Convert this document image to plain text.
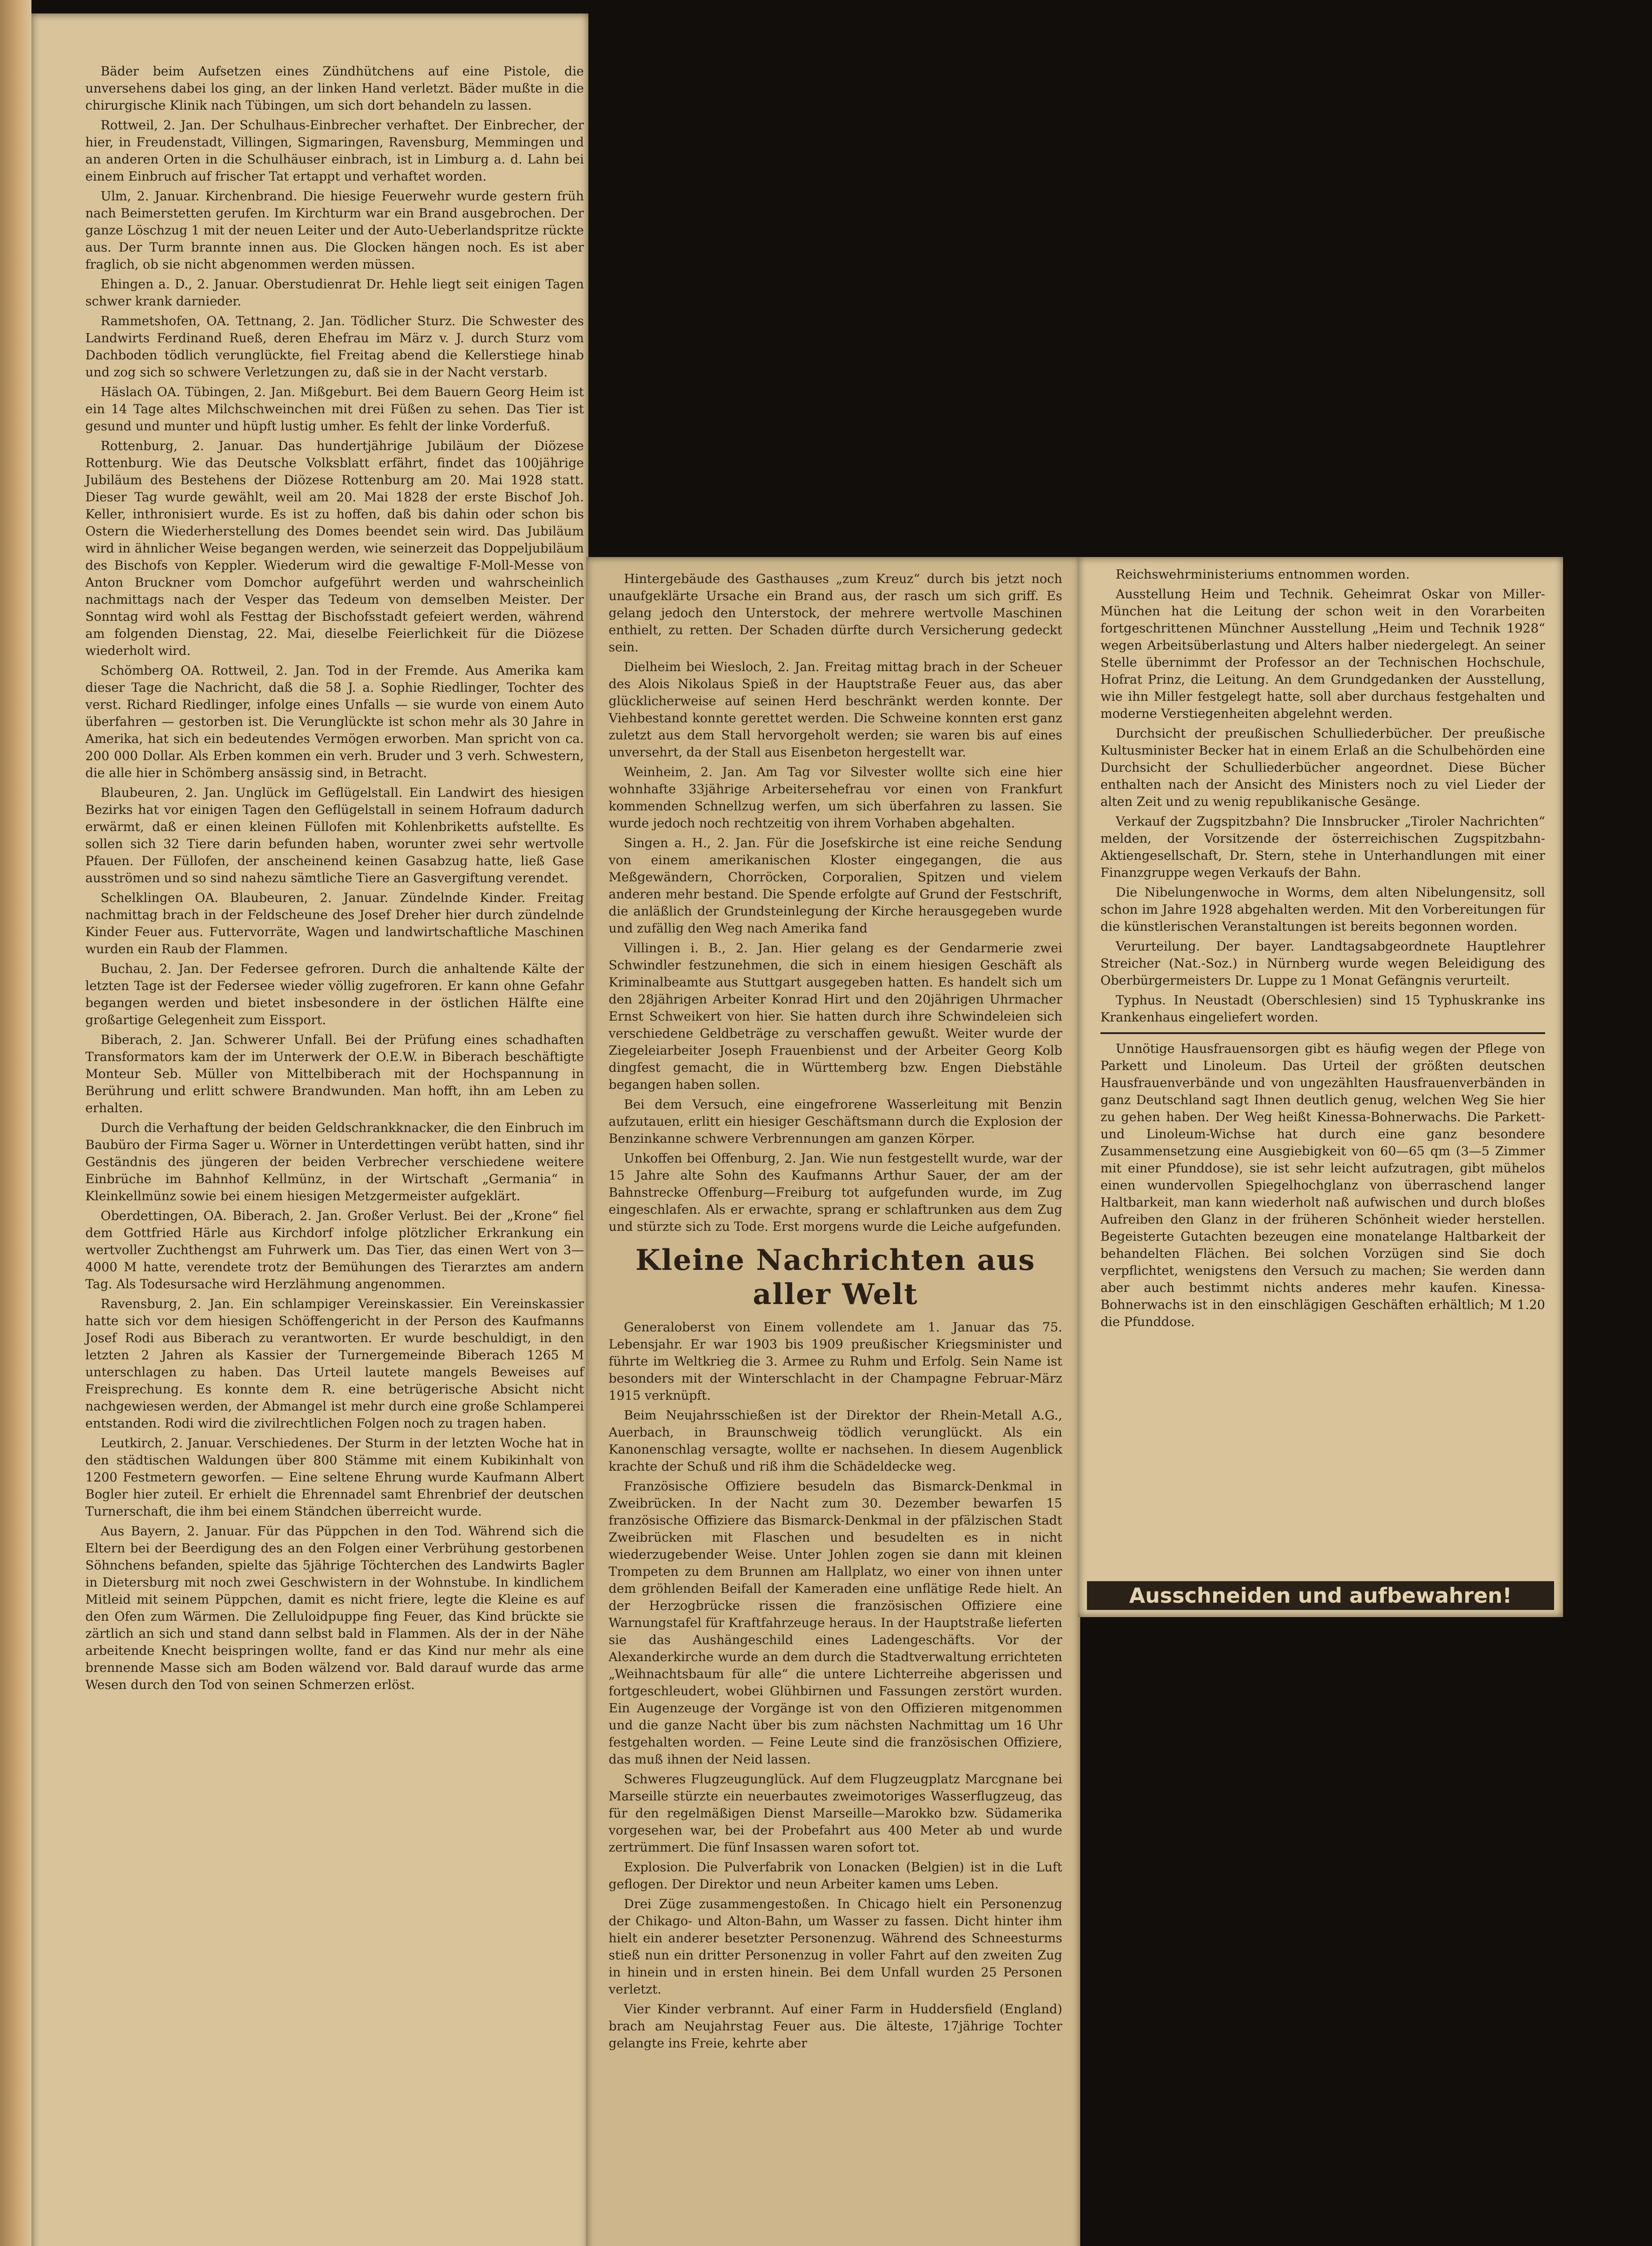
Bäder beim Aufsetzen eines Zündhütchens auf eine Pistole, die unversehens dabei los ging, an der linken Hand verletzt. Bäder mußte in die chirurgische Klinik nach Tübingen, um sich dort behandeln zu lassen.

Rottweil, 2. Jan. Der Schulhaus-Einbrecher verhaftet. Der Einbrecher, der hier, in Freudenstadt, Villingen, Sigmaringen, Ravensburg, Memmingen und an anderen Orten in die Schulhäuser einbrach, ist in Limburg a. d. Lahn bei einem Einbruch auf frischer Tat ertappt und verhaftet worden.

Ulm, 2. Januar. Kirchenbrand. Die hiesige Feuerwehr wurde gestern früh nach Beimerstetten gerufen. Im Kirchturm war ein Brand ausgebrochen. Der ganze Löschzug 1 mit der neuen Leiter und der Auto-Ueberlandspritze rückte aus. Der Turm brannte innen aus. Die Glocken hängen noch. Es ist aber fraglich, ob sie nicht abgenommen werden müssen.

Ehingen a. D., 2. Januar. Oberstudienrat Dr. Hehle liegt seit einigen Tagen schwer krank darnieder.

Rammetshofen, OA. Tettnang, 2. Jan. Tödlicher Sturz. Die Schwester des Landwirts Ferdinand Rueß, deren Ehefrau im März v. J. durch Sturz vom Dachboden tödlich verunglückte, fiel Freitag abend die Kellerstiege hinab und zog sich so schwere Verletzungen zu, daß sie in der Nacht verstarb.

Häslach OA. Tübingen, 2. Jan. Mißgeburt. Bei dem Bauern Georg Heim ist ein 14 Tage altes Milchschweinchen mit drei Füßen zu sehen. Das Tier ist gesund und munter und hüpft lustig umher. Es fehlt der linke Vorderfuß.

Rottenburg, 2. Januar. Das hundertjährige Jubiläum der Diözese Rottenburg. Wie das Deutsche Volksblatt erfährt, findet das 100jährige Jubiläum des Bestehens der Diözese Rottenburg am 20. Mai 1928 statt. Dieser Tag wurde gewählt, weil am 20. Mai 1828 der erste Bischof Joh. Keller, inthronisiert wurde. Es ist zu hoffen, daß bis dahin oder schon bis Ostern die Wiederherstellung des Domes beendet sein wird. Das Jubiläum wird in ähnlicher Weise begangen werden, wie seinerzeit das Doppeljubiläum des Bischofs von Keppler. Wiederum wird die gewaltige F-Moll-Messe von Anton Bruckner vom Domchor aufgeführt werden und wahrscheinlich nachmittags nach der Vesper das Tedeum von demselben Meister. Der Sonntag wird wohl als Festtag der Bischofsstadt gefeiert werden, während am folgenden Dienstag, 22. Mai, dieselbe Feierlichkeit für die Diözese wiederholt wird.

Schömberg OA. Rottweil, 2. Jan. Tod in der Fremde. Aus Amerika kam dieser Tage die Nachricht, daß die 58 J. a. Sophie Riedlinger, Tochter des verst. Richard Riedlinger, infolge eines Unfalls — sie wurde von einem Auto überfahren — gestorben ist. Die Verunglückte ist schon mehr als 30 Jahre in Amerika, hat sich ein bedeutendes Vermögen erworben. Man spricht von ca. 200 000 Dollar. Als Erben kommen ein verh. Bruder und 3 verh. Schwestern, die alle hier in Schömberg ansässig sind, in Betracht.

Blaubeuren, 2. Jan. Unglück im Geflügelstall. Ein Landwirt des hiesigen Bezirks hat vor einigen Tagen den Geflügelstall in seinem Hofraum dadurch erwärmt, daß er einen kleinen Füllofen mit Kohlenbriketts aufstellte. Es sollen sich 32 Tiere darin befunden haben, worunter zwei sehr wertvolle Pfauen. Der Füllofen, der anscheinend keinen Gasabzug hatte, ließ Gase ausströmen und so sind nahezu sämtliche Tiere an Gasvergiftung verendet.

Schelklingen OA. Blaubeuren, 2. Januar. Zündelnde Kinder. Freitag nachmittag brach in der Feldscheune des Josef Dreher hier durch zündelnde Kinder Feuer aus. Futtervorräte, Wagen und landwirtschaftliche Maschinen wurden ein Raub der Flammen.

Buchau, 2. Jan. Der Federsee gefroren. Durch die anhaltende Kälte der letzten Tage ist der Federsee wieder völlig zugefroren. Er kann ohne Gefahr begangen werden und bietet insbesondere in der östlichen Hälfte eine großartige Gelegenheit zum Eissport.

Biberach, 2. Jan. Schwerer Unfall. Bei der Prüfung eines schadhaften Transformators kam der im Unterwerk der O.E.W. in Biberach beschäftigte Monteur Seb. Müller von Mittelbiberach mit der Hochspannung in Berührung und erlitt schwere Brandwunden. Man hofft, ihn am Leben zu erhalten.

Durch die Verhaftung der beiden Geldschrankknacker, die den Einbruch im Baubüro der Firma Sager u. Wörner in Unterdettingen verübt hatten, sind ihr Geständnis des jüngeren der beiden Verbrecher verschiedene weitere Einbrüche im Bahnhof Kellmünz, in der Wirtschaft „Germania“ in Kleinkellmünz sowie bei einem hiesigen Metzgermeister aufgeklärt.

Oberdettingen, OA. Biberach, 2. Jan. Großer Verlust. Bei der „Krone“ fiel dem Gottfried Härle aus Kirchdorf infolge plötzlicher Erkrankung ein wertvoller Zuchthengst am Fuhrwerk um. Das Tier, das einen Wert von 3—4000 M hatte, verendete trotz der Bemühungen des Tierarztes am andern Tag. Als Todesursache wird Herzlähmung angenommen.

Ravensburg, 2. Jan. Ein schlampiger Vereinskassier. Ein Vereinskassier hatte sich vor dem hiesigen Schöffengericht in der Person des Kaufmanns Josef Rodi aus Biberach zu verantworten. Er wurde beschuldigt, in den letzten 2 Jahren als Kassier der Turnergemeinde Biberach 1265 M unterschlagen zu haben. Das Urteil lautete mangels Beweises auf Freisprechung. Es konnte dem R. eine betrügerische Absicht nicht nachgewiesen werden, der Abmangel ist mehr durch eine große Schlamperei entstanden. Rodi wird die zivilrechtlichen Folgen noch zu tragen haben.

Leutkirch, 2. Januar. Verschiedenes. Der Sturm in der letzten Woche hat in den städtischen Waldungen über 800 Stämme mit einem Kubikinhalt von 1200 Festmetern geworfen. — Eine seltene Ehrung wurde Kaufmann Albert Bogler hier zuteil. Er erhielt die Ehrennadel samt Ehrenbrief der deutschen Turnerschaft, die ihm bei einem Ständchen überreicht wurde.

Aus Bayern, 2. Januar. Für das Püppchen in den Tod. Während sich die Eltern bei der Beerdigung des an den Folgen einer Verbrühung gestorbenen Söhnchens befanden, spielte das 5jährige Töchterchen des Landwirts Bagler in Dietersburg mit noch zwei Geschwistern in der Wohnstube. In kindlichem Mitleid mit seinem Püppchen, damit es nicht friere, legte die Kleine es auf den Ofen zum Wärmen. Die Zelluloidpuppe fing Feuer, das Kind brückte sie zärtlich an sich und stand dann selbst bald in Flammen. Als der in der Nähe arbeitende Knecht beispringen wollte, fand er das Kind nur mehr als eine brennende Masse sich am Boden wälzend vor. Bald darauf wurde das arme Wesen durch den Tod von seinen Schmerzen erlöst.

Hintergebäude des Gasthauses „zum Kreuz“ durch bis jetzt noch unaufgeklärte Ursache ein Brand aus, der rasch um sich griff. Es gelang jedoch den Unterstock, der mehrere wertvolle Maschinen enthielt, zu retten. Der Schaden dürfte durch Versicherung gedeckt sein.

Dielheim bei Wiesloch, 2. Jan. Freitag mittag brach in der Scheuer des Alois Nikolaus Spieß in der Hauptstraße Feuer aus, das aber glücklicherweise auf seinen Herd beschränkt werden konnte. Der Viehbestand konnte gerettet werden. Die Schweine konnten erst ganz zuletzt aus dem Stall hervorgeholt werden; sie waren bis auf eines unversehrt, da der Stall aus Eisenbeton hergestellt war.

Weinheim, 2. Jan. Am Tag vor Silvester wollte sich eine hier wohnhafte 33jährige Arbeitersehefrau vor einen von Frankfurt kommenden Schnellzug werfen, um sich überfahren zu lassen. Sie wurde jedoch noch rechtzeitig von ihrem Vorhaben abgehalten.

Singen a. H., 2. Jan. Für die Josefskirche ist eine reiche Sendung von einem amerikanischen Kloster eingegangen, die aus Meßgewändern, Chorröcken, Corporalien, Spitzen und vielem anderen mehr bestand. Die Spende erfolgte auf Grund der Festschrift, die anläßlich der Grundsteinlegung der Kirche herausgegeben wurde und zufällig den Weg nach Amerika fand

Villingen i. B., 2. Jan. Hier gelang es der Gendarmerie zwei Schwindler festzunehmen, die sich in einem hiesigen Geschäft als Kriminalbeamte aus Stuttgart ausgegeben hatten. Es handelt sich um den 28jährigen Arbeiter Konrad Hirt und den 20jährigen Uhrmacher Ernst Schweikert von hier. Sie hatten durch ihre Schwindeleien sich verschiedene Geldbeträge zu verschaffen gewußt. Weiter wurde der Ziegeleiarbeiter Joseph Frauenbienst und der Arbeiter Georg Kolb dingfest gemacht, die in Württemberg bzw. Engen Diebstähle begangen haben sollen.

Bei dem Versuch, eine eingefrorene Wasserleitung mit Benzin aufzutauen, erlitt ein hiesiger Geschäftsmann durch die Explosion der Benzinkanne schwere Verbrennungen am ganzen Körper.

Unkoffen bei Offenburg, 2. Jan. Wie nun festgestellt wurde, war der 15 Jahre alte Sohn des Kaufmanns Arthur Sauer, der am der Bahnstrecke Offenburg—Freiburg tot aufgefunden wurde, im Zug eingeschlafen. Als er erwachte, sprang er schlaftrunken aus dem Zug und stürzte sich zu Tode. Erst morgens wurde die Leiche aufgefunden.

Kleine Nachrichten aus aller Welt

Generaloberst von Einem vollendete am 1. Januar das 75. Lebensjahr. Er war 1903 bis 1909 preußischer Kriegsminister und führte im Weltkrieg die 3. Armee zu Ruhm und Erfolg. Sein Name ist besonders mit der Winterschlacht in der Champagne Februar-März 1915 verknüpft.

Beim Neujahrsschießen ist der Direktor der Rhein-Metall A.G., Auerbach, in Braunschweig tödlich verunglückt. Als ein Kanonenschlag versagte, wollte er nachsehen. In diesem Augenblick krachte der Schuß und riß ihm die Schädeldecke weg.

Französische Offiziere besudeln das Bismarck-Denkmal in Zweibrücken. In der Nacht zum 30. Dezember bewarfen 15 französische Offiziere das Bismarck-Denkmal in der pfälzischen Stadt Zweibrücken mit Flaschen und besudelten es in nicht wiederzugebender Weise. Unter Johlen zogen sie dann mit kleinen Trompeten zu dem Brunnen am Hallplatz, wo einer von ihnen unter dem gröhlenden Beifall der Kameraden eine unflätige Rede hielt. An der Herzogbrücke rissen die französischen Offiziere eine Warnungstafel für Kraftfahrzeuge heraus. In der Hauptstraße lieferten sie das Aushängeschild eines Ladengeschäfts. Vor der Alexanderkirche wurde an dem durch die Stadtverwaltung errichteten „Weihnachtsbaum für alle“ die untere Lichterreihe abgerissen und fortgeschleudert, wobei Glühbirnen und Fassungen zerstört wurden. Ein Augenzeuge der Vorgänge ist von den Offizieren mitgenommen und die ganze Nacht über bis zum nächsten Nachmittag um 16 Uhr festgehalten worden. — Feine Leute sind die französischen Offiziere, das muß ihnen der Neid lassen.

Schweres Flugzeugunglück. Auf dem Flugzeugplatz Marcgnane bei Marseille stürzte ein neuerbautes zweimotoriges Wasserflugzeug, das für den regelmäßigen Dienst Marseille—Marokko bzw. Südamerika vorgesehen war, bei der Probefahrt aus 400 Meter ab und wurde zertrümmert. Die fünf Insassen waren sofort tot.

Explosion. Die Pulverfabrik von Lonacken (Belgien) ist in die Luft geflogen. Der Direktor und neun Arbeiter kamen ums Leben.

Drei Züge zusammengestoßen. In Chicago hielt ein Personenzug der Chikago- und Alton-Bahn, um Wasser zu fassen. Dicht hinter ihm hielt ein anderer besetzter Personenzug. Während des Schneesturms stieß nun ein dritter Personenzug in voller Fahrt auf den zweiten Zug in hinein und in ersten hinein. Bei dem Unfall wurden 25 Personen verletzt.

Vier Kinder verbrannt. Auf einer Farm in Huddersfield (England) brach am Neujahrstag Feuer aus. Die älteste, 17jährige Tochter gelangte ins Freie, kehrte aber

Reichswehrministeriums entnommen worden.

Ausstellung Heim und Technik. Geheimrat Oskar von Miller-München hat die Leitung der schon weit in den Vorarbeiten fortgeschrittenen Münchner Ausstellung „Heim und Technik 1928“ wegen Arbeitsüberlastung und Alters halber niedergelegt. An seiner Stelle übernimmt der Professor an der Technischen Hochschule, Hofrat Prinz, die Leitung. An dem Grundgedanken der Ausstellung, wie ihn Miller festgelegt hatte, soll aber durchaus festgehalten und moderne Verstiegenheiten abgelehnt werden.

Durchsicht der preußischen Schulliederbücher. Der preußische Kultusminister Becker hat in einem Erlaß an die Schulbehörden eine Durchsicht der Schulliederbücher angeordnet. Diese Bücher enthalten nach der Ansicht des Ministers noch zu viel Lieder der alten Zeit und zu wenig republikanische Gesänge.

Verkauf der Zugspitzbahn? Die Innsbrucker „Tiroler Nachrichten“ melden, der Vorsitzende der österreichischen Zugspitzbahn-Aktiengesellschaft, Dr. Stern, stehe in Unterhandlungen mit einer Finanzgruppe wegen Verkaufs der Bahn.

Die Nibelungenwoche in Worms, dem alten Nibelungensitz, soll schon im Jahre 1928 abgehalten werden. Mit den Vorbereitungen für die künstlerischen Veranstaltungen ist bereits begonnen worden.

Verurteilung. Der bayer. Landtagsabgeordnete Hauptlehrer Streicher (Nat.-Soz.) in Nürnberg wurde wegen Beleidigung des Oberbürgermeisters Dr. Luppe zu 1 Monat Gefängnis verurteilt.

Typhus. In Neustadt (Oberschlesien) sind 15 Typhuskranke ins Krankenhaus eingeliefert worden.

Unnötige Hausfrauensorgen gibt es häufig wegen der Pflege von Parkett und Linoleum. Das Urteil der größten deutschen Hausfrauenverbände und von ungezählten Hausfrauenverbänden in ganz Deutschland sagt Ihnen deutlich genug, welchen Weg Sie hier zu gehen haben. Der Weg heißt Kinessa-Bohnerwachs. Die Parkett- und Linoleum-Wichse hat durch eine ganz besondere Zusammensetzung eine Ausgiebigkeit von 60—65 qm (3—5 Zimmer mit einer Pfunddose), sie ist sehr leicht aufzutragen, gibt mühelos einen wundervollen Spiegelhochglanz von überraschend langer Haltbarkeit, man kann wiederholt naß aufwischen und durch bloßes Aufreiben den Glanz in der früheren Schönheit wieder herstellen. Begeisterte Gutachten bezeugen eine monatelange Haltbarkeit der behandelten Flächen. Bei solchen Vorzügen sind Sie doch verpflichtet, wenigstens den Versuch zu machen; Sie werden dann aber auch bestimmt nichts anderes mehr kaufen. Kinessa-Bohnerwachs ist in den einschlägigen Geschäften erhältlich; M 1.20 die Pfunddose.

Ausschneiden und aufbewahren!
